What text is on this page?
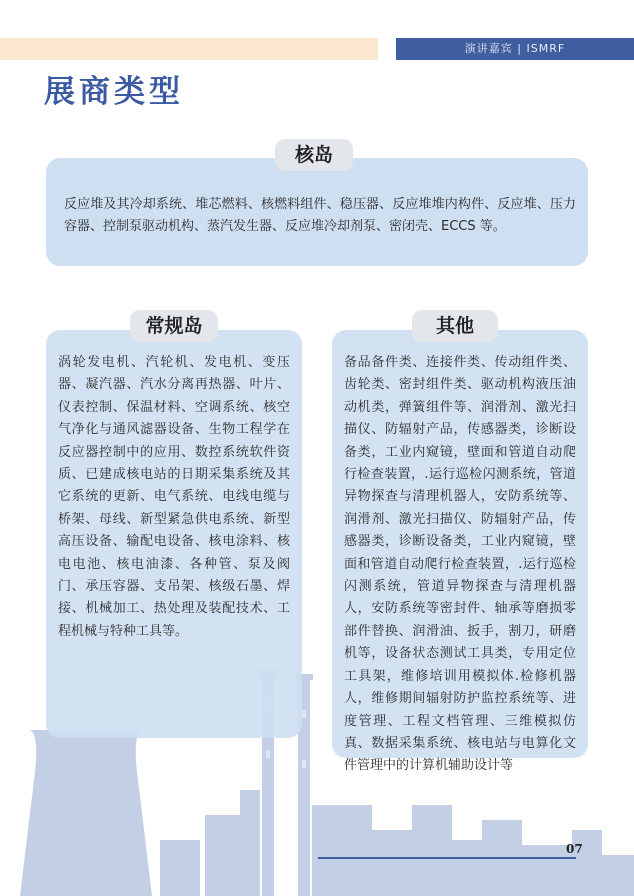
演讲嘉宾 | ISMRF
展商类型
核岛
反应堆及其冷却系统、堆芯燃料、核燃料组件、稳压器、反应堆堆内构件、反应堆、压力容器、控制泵驱动机构、蒸汽发生器、反应堆冷却剂泵、密闭壳、ECCS 等。
常规岛
涡轮发电机、汽轮机、发电机、变压器、凝汽器、汽水分离再热器、叶片、仪表控制、保温材料、空调系统、核空气净化与通风滤器设备、生物工程学在反应器控制中的应用、数控系统软件资质、已建成核电站的日期采集系统及其它系统的更新、电气系统、电线电缆与桥架、母线、新型紧急供电系统、新型高压设备、输配电设备、核电涂料、核电电池、核电油漆、各种管、泵及阀门、承压容器、支吊架、核级石墨、焊接、机械加工、热处理及装配技术、工程机械与特种工具等。
其他
备品备件类、连接件类、传动组件类、齿轮类、密封组件类、驱动机构液压油动机类，弹簧组件等、润滑剂、激光扫描仪、防辐射产品，传感器类，诊断设备类，工业内窥镜，壁面和管道自动爬行检查装置，.运行巡检闪测系统，管道异物探查与清理机器人，安防系统等、润滑剂、激光扫描仪、防辐射产品，传感器类，诊断设备类，工业内窥镜，壁面和管道自动爬行检查装置，.运行巡检闪测系统，管道异物探查与清理机器人，安防系统等密封件、轴承等磨损零部件替换、润滑油、扳手，割刀，研磨机等，设备状态测试工具类，专用定位工具架，维修培训用模拟体.检修机器人，维修期间辐射防护监控系统等、进度管理、工程文档管理、三维模拟仿真、数据采集系统、核电站与电算化文件管理中的计算机辅助设计等
07
